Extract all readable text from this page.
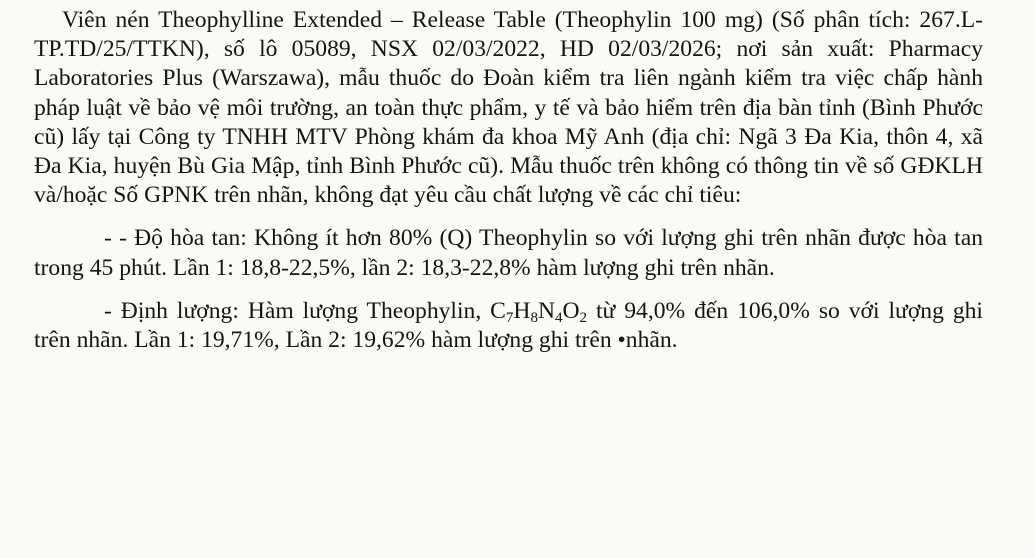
Viên nén Theophylline Extended – Release Table (Theophylin 100 mg) (Số phân tích: 267.L-TP.TD/25/TTKN), số lô 05089, NSX 02/03/2022, HD 02/03/2026; nơi sản xuất: Pharmacy Laboratories Plus (Warszawa), mẫu thuốc do Đoàn kiểm tra liên ngành kiểm tra việc chấp hành pháp luật về bảo vệ môi trường, an toàn thực phẩm, y tế và bảo hiểm trên địa bàn tỉnh (Bình Phước cũ) lấy tại Công ty TNHH MTV Phòng khám đa khoa Mỹ Anh (địa chỉ: Ngã 3 Đa Kia, thôn 4, xã Đa Kia, huyện Bù Gia Mập, tỉnh Bình Phước cũ). Mẫu thuốc trên không có thông tin về số GĐKLH và/hoặc Số GPNK trên nhãn, không đạt yêu cầu chất lượng về các chỉ tiêu:

- - Độ hòa tan: Không ít hơn 80% (Q) Theophylin so với lượng ghi trên nhãn được hòa tan trong 45 phút. Lần 1: 18,8-22,5%, lần 2: 18,3-22,8% hàm lượng ghi trên nhãn.

- Định lượng: Hàm lượng Theophylin, $C_7H_8N_4O_2$ từ 94,0% đến 106,0% so với lượng ghi trên nhãn. Lần 1: 19,71%, Lần 2: 19,62% hàm lượng ghi trên •nhãn.
